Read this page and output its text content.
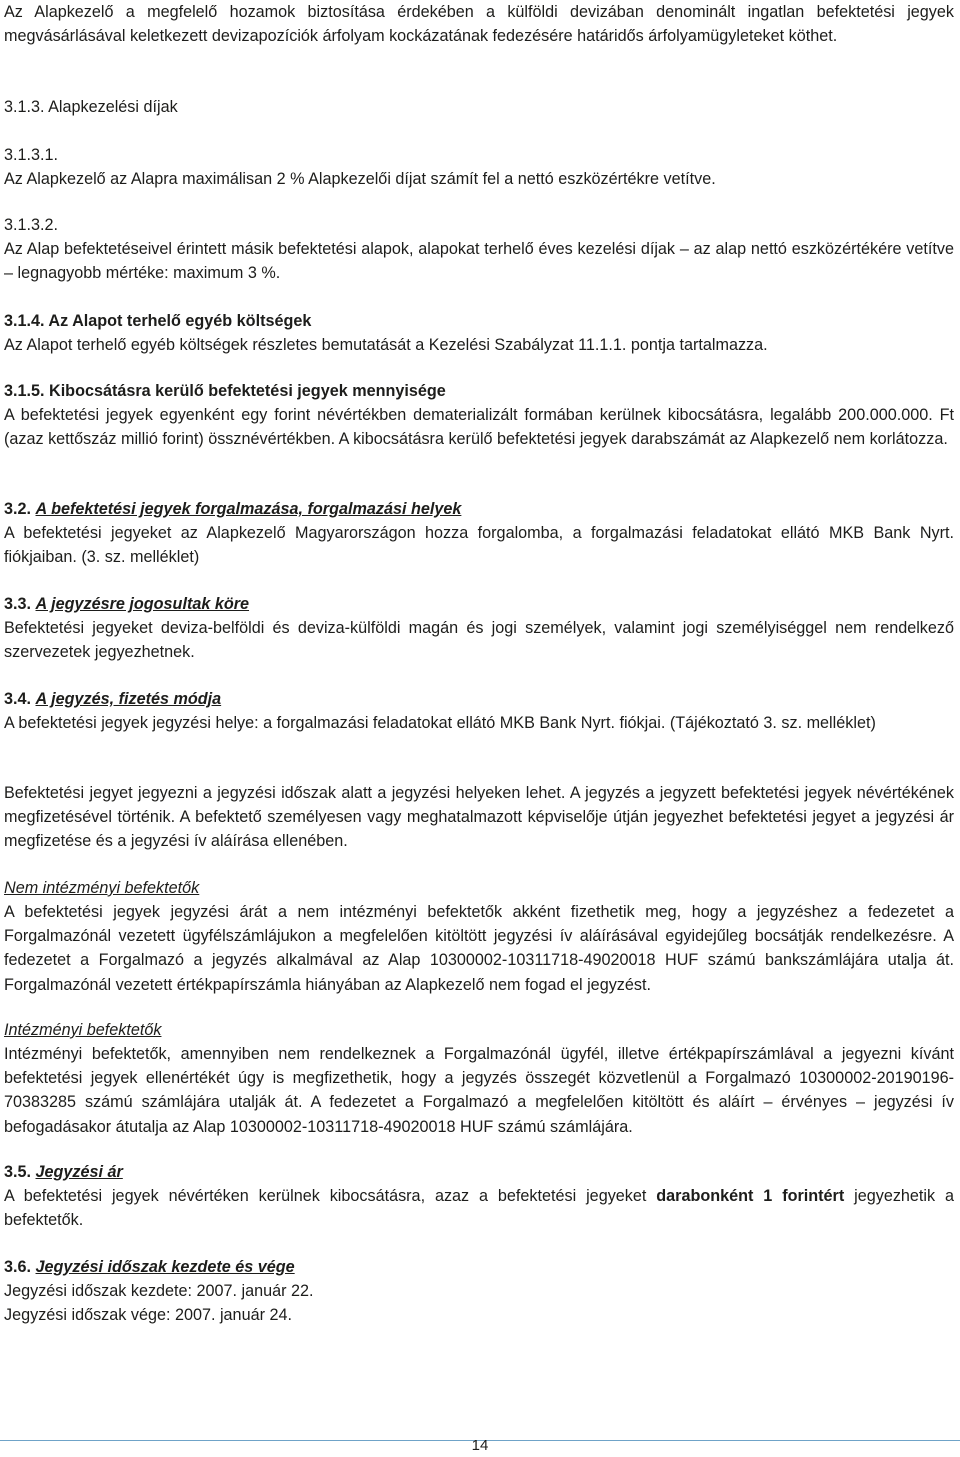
Az Alapkezelő a megfelelő hozamok biztosítása érdekében a külföldi devizában denominált ingatlan befektetési jegyek megvásárlásával keletkezett devizapozíciók árfolyam kockázatának fedezésére határidős árfolyamügyleteket köthet.

3.1.3. Alapkezelési díjak

3.1.3.1.

Az Alapkezelő az Alapra maximálisan 2 % Alapkezelői díjat számít fel a nettó eszközértékre vetítve.

3.1.3.2.

Az Alap befektetéseivel érintett másik befektetési alapok, alapokat terhelő éves kezelési díjak – az alap nettó eszközértékére vetítve – legnagyobb mértéke: maximum 3 %.

3.1.4. Az Alapot terhelő egyéb költségek

Az Alapot terhelő egyéb költségek részletes bemutatását a Kezelési Szabályzat 11.1.1. pontja tartalmazza.

3.1.5. Kibocsátásra kerülő befektetési jegyek mennyisége

A befektetési jegyek egyenként egy forint névértékben dematerializált formában kerülnek kibocsátásra, legalább 200.000.000. Ft (azaz kettőszáz millió forint) össznévértékben. A kibocsátásra kerülő befektetési jegyek darabszámát az Alapkezelő nem korlátozza.

3.2. A befektetési jegyek forgalmazása, forgalmazási helyek

A befektetési jegyeket az Alapkezelő Magyarországon hozza forgalomba, a forgalmazási feladatokat ellátó MKB Bank Nyrt. fiókjaiban. (3. sz. melléklet)

3.3. A jegyzésre jogosultak köre

Befektetési jegyeket deviza-belföldi és deviza-külföldi magán és jogi személyek, valamint jogi személyiséggel nem rendelkező szervezetek jegyezhetnek.

3.4. A jegyzés, fizetés módja

A befektetési jegyek jegyzési helye: a forgalmazási feladatokat ellátó MKB Bank Nyrt. fiókjai. (Tájékoztató 3. sz. melléklet)

Befektetési jegyet jegyezni a jegyzési időszak alatt a jegyzési helyeken lehet. A jegyzés a jegyzett befektetési jegyek névértékének megfizetésével történik. A befektető személyesen vagy meghatalmazott képviselője útján jegyezhet befektetési jegyet a jegyzési ár megfizetése és a jegyzési ív aláírása ellenében.

Nem intézményi befektetők

A befektetési jegyek jegyzési árát a nem intézményi befektetők akként fizethetik meg, hogy a jegyzéshez a fedezetet a Forgalmazónál vezetett ügyfélszámlájukon a megfelelően kitöltött jegyzési ív aláírásával egyidejűleg bocsátják rendelkezésre. A fedezetet a Forgalmazó a jegyzés alkalmával az Alap 10300002-10311718-49020018 HUF számú bankszámlájára utalja át. Forgalmazónál vezetett értékpapírszámla hiányában az Alapkezelő nem fogad el jegyzést.

Intézményi befektetők

Intézményi befektetők, amennyiben nem rendelkeznek a Forgalmazónál ügyfél, illetve értékpapírszámlával a jegyezni kívánt befektetési jegyek ellenértékét úgy is megfizethetik, hogy a jegyzés összegét közvetlenül a Forgalmazó 10300002-20190196-70383285 számú számlájára utalják át. A fedezetet a Forgalmazó a megfelelően kitöltött és aláírt – érvényes – jegyzési ív befogadásakor átutalja az Alap 10300002-10311718-49020018 HUF számú számlájára.

3.5. Jegyzési ár

A befektetési jegyek névértéken kerülnek kibocsátásra, azaz a befektetési jegyeket darabonként 1 forintért jegyezhetik a befektetők.

3.6. Jegyzési időszak kezdete és vége

Jegyzési időszak kezdete: 2007. január 22.

Jegyzési időszak vége: 2007. január 24.

14
